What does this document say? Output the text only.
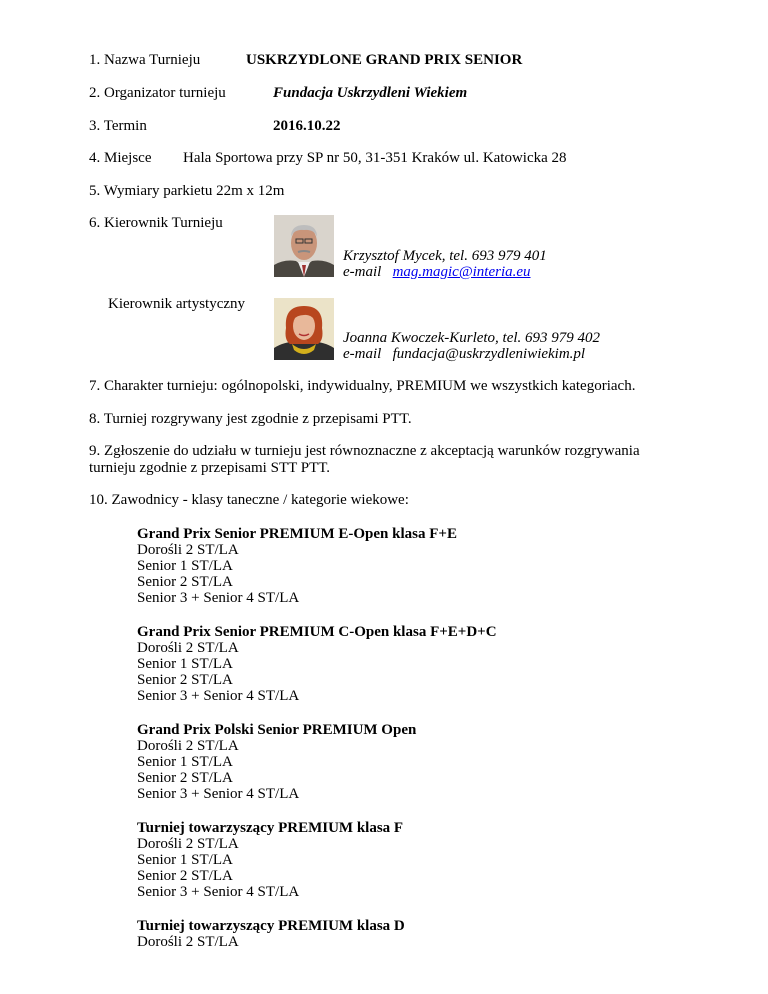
1. Nazwa Turnieju	USKRZYDLONE GRAND PRIX SENIOR
2. Organizator turnieju	Fundacja Uskrzydleni Wiekiem
3. Termin	2016.10.22
4. Miejsce Hala Sportowa przy SP nr 50, 31-351 Kraków ul. Katowicka 28
5. Wymiary parkietu 22m x 12m
6. Kierownik Turnieju
Krzysztof Mycek, tel. 693 979 401
e-mail mag.magic@interia.eu
Kierownik artystyczny
Joanna Kwoczek-Kurleto, tel. 693 979 402
e-mail fundacja@uskrzydleniwiekim.pl
7. Charakter turnieju: ogólnopolski, indywidualny, PREMIUM we wszystkich kategoriach.
8. Turniej rozgrywany jest zgodnie z przepisami PTT.
9. Zgłoszenie do udziału w turnieju jest równoznaczne z akceptacją warunków rozgrywania
turnieju zgodnie z przepisami STT PTT.
10. Zawodnicy - klasy taneczne / kategorie wiekowe:
Grand Prix Senior PREMIUM E-Open klasa F+E
Dorośli 2 ST/LA
Senior 1 ST/LA
Senior 2 ST/LA
Senior 3 + Senior 4 ST/LA
Grand Prix Senior PREMIUM C-Open klasa F+E+D+C
Dorośli 2 ST/LA
Senior 1 ST/LA
Senior 2 ST/LA
Senior 3 + Senior 4 ST/LA
Grand Prix Polski Senior PREMIUM Open
Dorośli 2 ST/LA
Senior 1 ST/LA
Senior 2 ST/LA
Senior 3 + Senior 4 ST/LA
Turniej towarzyszący PREMIUM klasa F
Dorośli 2 ST/LA
Senior 1 ST/LA
Senior 2 ST/LA
Senior 3 + Senior 4 ST/LA
Turniej towarzyszący PREMIUM klasa D
Dorośli 2 ST/LA
